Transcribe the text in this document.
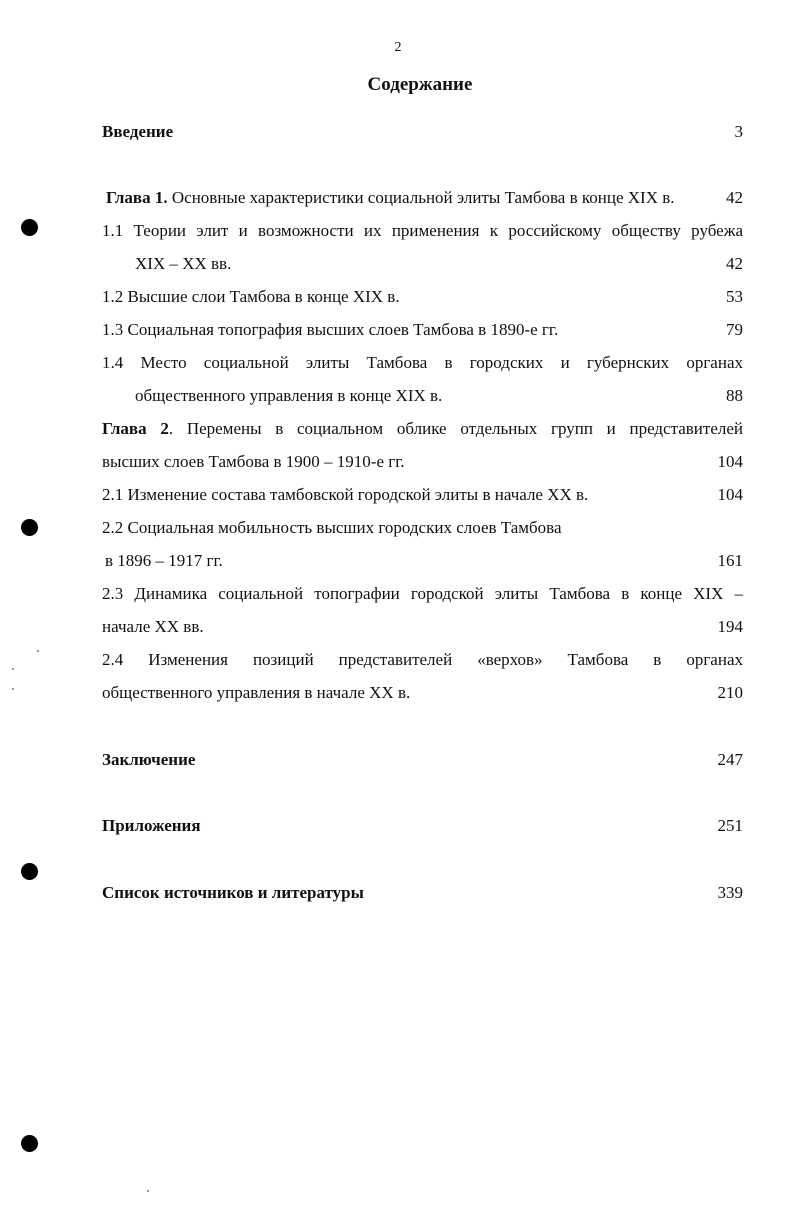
2
Содержание
Введение	3
Глава 1. Основные характеристики социальной элиты Тамбова в конце XIX в.	42
1.1 Теории элит и возможности их применения к российскому обществу рубежа
XIX – XX вв.	42
1.2 Высшие слои Тамбова в конце XIX в.	53
1.3 Социальная топография высших слоев Тамбова в 1890-е гг.	79
1.4 Место социальной элиты Тамбова в городских и губернских органах
общественного управления в конце XIX в.	88
Глава 2. Перемены в социальном облике отдельных групп и представителей
высших слоев Тамбова в 1900 – 1910-е гг.	104
2.1 Изменение состава тамбовской городской элиты в начале XX в.	104
2.2 Социальная мобильность высших городских слоев Тамбова
в 1896 – 1917 гг.	161
2.3 Динамика социальной топографии городской элиты Тамбова в конце XIX –
начале XX вв.	194
2.4 Изменения позиций представителей «верхов» Тамбова в органах
общественного управления в начале XX в.	210
Заключение	247
Приложения	251
Список источников и литературы	339
